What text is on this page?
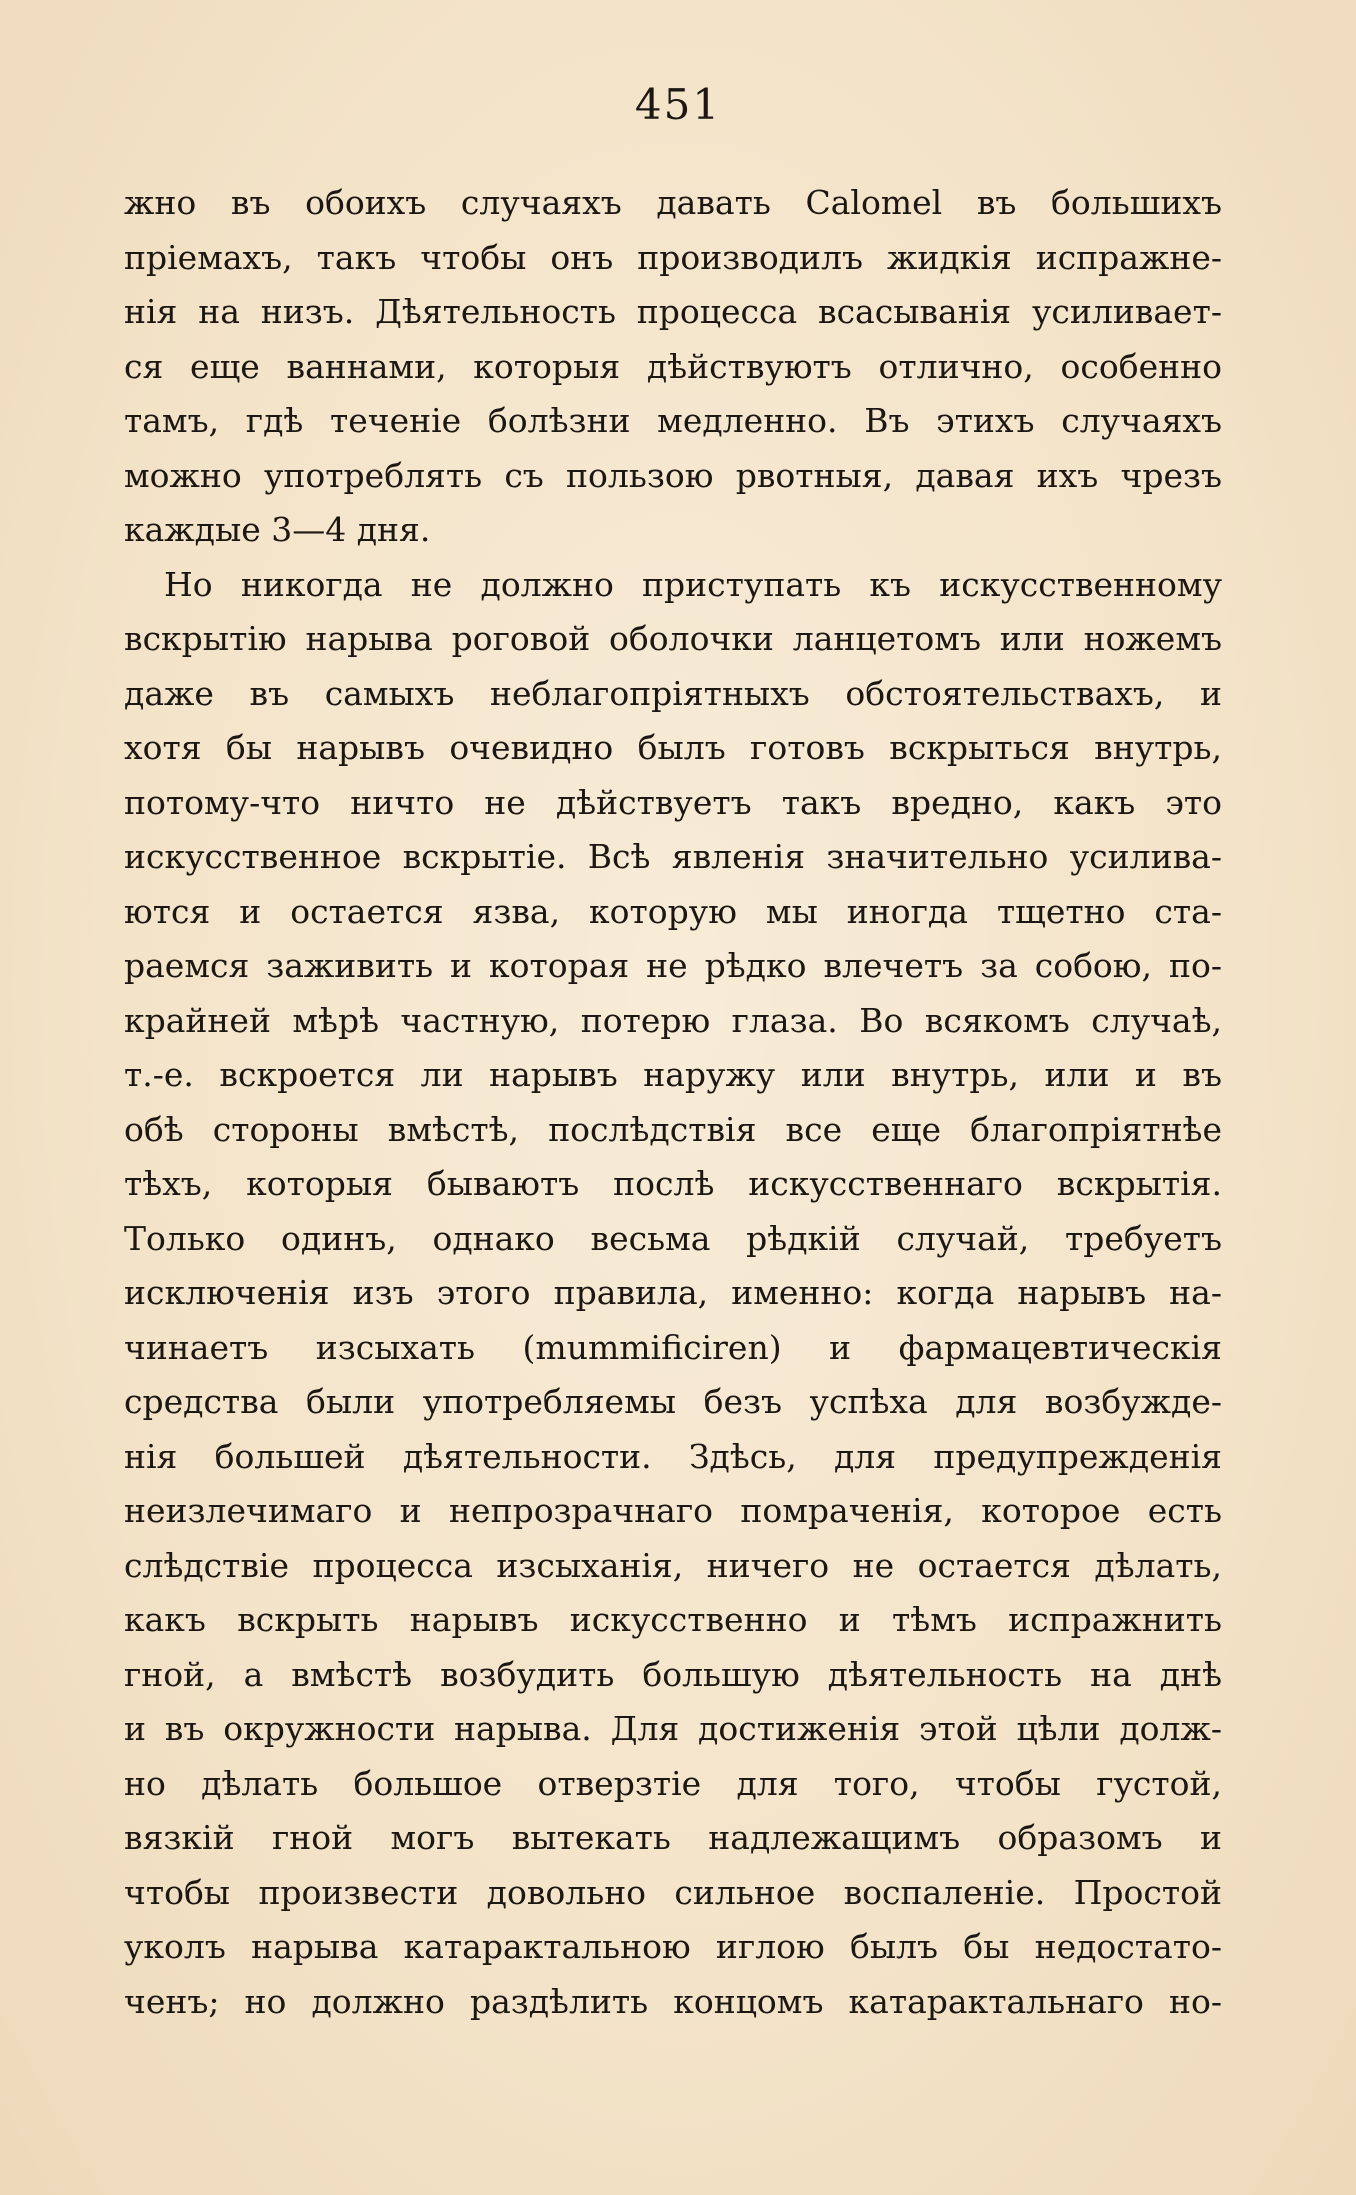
451
жно въ обоихъ случаяхъ давать Calomel въ большихъ
пріемахъ, такъ чтобы онъ производилъ жидкія испражне-
нія на низъ. Дѣятельность процесса всасыванія усиливает-
ся еще ваннами, которыя дѣйствуютъ отлично, особенно
тамъ, гдѣ теченіе болѣзни медленно. Въ этихъ случаяхъ
можно употреблять съ пользою рвотныя, давая ихъ чрезъ
каждые 3—4 дня.
Но никогда не должно приступать къ искусственному
вскрытію нарыва роговой оболочки ланцетомъ или ножемъ
даже въ самыхъ неблагопріятныхъ обстоятельствахъ, и
хотя бы нарывъ очевидно былъ готовъ вскрыться внутрь,
потому-что ничто не дѣйствуетъ такъ вредно, какъ это
искусственное вскрытіе. Всѣ явленія значительно усилива-
ются и остается язва, которую мы иногда тщетно ста-
раемся заживить и которая не рѣдко влечетъ за собою, по-
крайней мѣрѣ частную, потерю глаза. Во всякомъ случаѣ,
т.-е. вскроется ли нарывъ наружу или внутрь, или и въ
обѣ стороны вмѣстѣ, послѣдствія все еще благопріятнѣе
тѣхъ, которыя бываютъ послѣ искусственнаго вскрытія.
Только одинъ, однако весьма рѣдкій случай, требуетъ
исключенія изъ этого правила, именно: когда нарывъ на-
чинаетъ изсыхать (mummificiren) и фармацевтическія
средства были употребляемы безъ успѣха для возбужде-
нія большей дѣятельности. Здѣсь, для предупрежденія
неизлечимаго и непрозрачнаго помраченія, которое есть
слѣдствіе процесса изсыханія, ничего не остается дѣлать,
какъ вскрыть нарывъ искусственно и тѣмъ испражнить
гной, а вмѣстѣ возбудить большую дѣятельность на днѣ
и въ окружности нарыва. Для достиженія этой цѣли долж-
но дѣлать большое отверзтіе для того, чтобы густой,
вязкій гной могъ вытекать надлежащимъ образомъ и
чтобы произвести довольно сильное воспаленіе. Простой
уколъ нарыва катарактальною иглою былъ бы недостато-
ченъ; но должно раздѣлить концомъ катарактальнаго но-
